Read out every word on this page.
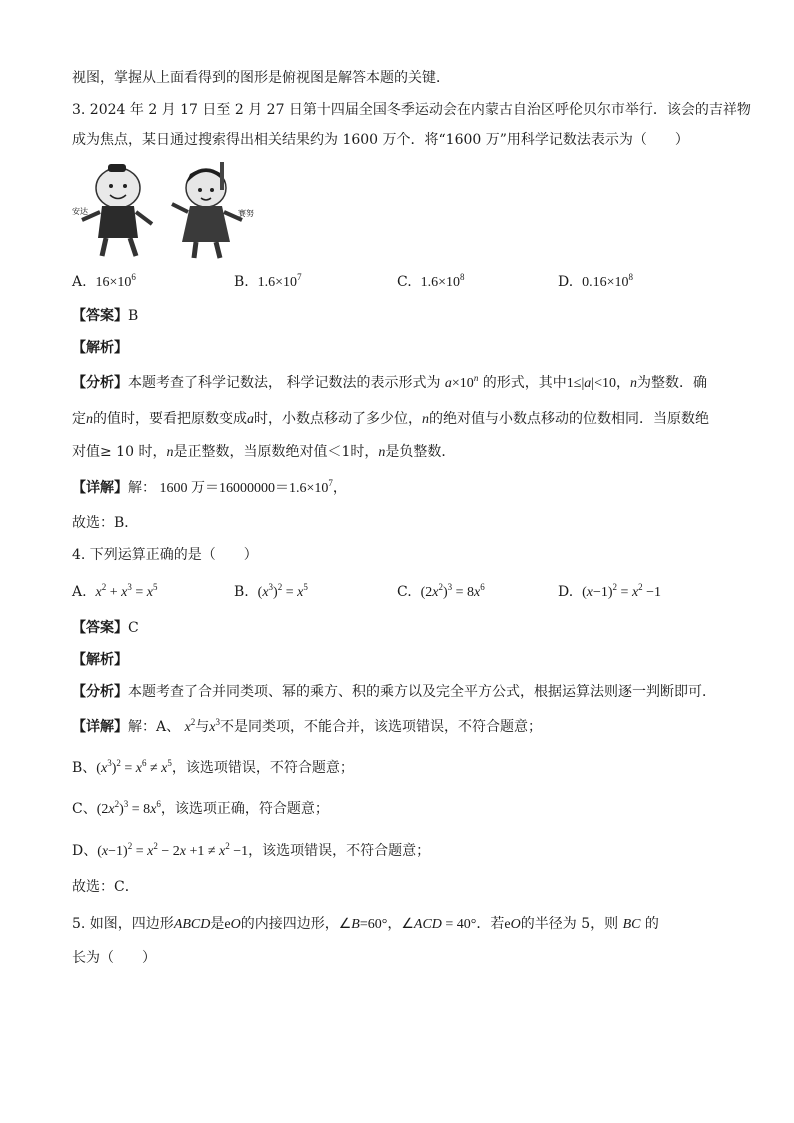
视图，掌握从上面看得到的图形是俯视图是解答本题的关键．
3. 2024 年 2 月 17 日至 2 月 27 日第十四届全国冬季运动会在内蒙古自治区呼伦贝尔市举行．该会的吉祥物
成为焦点，某日通过搜索得出相关结果约为 1600 万个．将“1600 万”用科学记数法表示为（　　）
安达	赛努
A. $16\times 10^6$	B. $1.6\times 10^7$	C. $1.6\times 10^8$	D. $0.16\times 10^8$
【答案】B
【解析】
【分析】本题考查了科学记数法， 科学记数法的表示形式为 $a\times 10^n$ 的形式，其中1≤|a|<10，n为整数．确
定n的值时，要看把原数变成a时，小数点移动了多少位，n的绝对值与小数点移动的位数相同．当原数绝
对值≥ 10 时，n是正整数，当原数绝对值＜1时，n是负整数．
【详解】解： 1600 万$=16000000=1.6\times 10^7$，
故选：B．
4. 下列运算正确的是（　　）
A.  $x^2 + x^3 = x^5$	B.  $(x^3)^2 = x^5$	C.  $(2x^2)^3 = 8x^6$	D.  $(x-1)^2 = x^2 -1$
【答案】C
【解析】
【分析】本题考查了合并同类项、幂的乘方、积的乘方以及完全平方公式，根据运算法则逐一判断即可．
【详解】解：A、 $x^2$与$x^3$不是同类项，不能合并，该选项错误，不符合题意；
B、$(x^3)^2 = x^6 \ne x^5$，该选项错误，不符合题意；
C、$(2x^2)^3 = 8x^6$，该选项正确，符合题意；
D、$(x-1)^2 = x^2 - 2x +1 \ne x^2 -1$，该选项错误，不符合题意；
故选：C．
5. 如图，四边形ABCD是eO的内接四边形，∠B=60°，∠ACD = 40°．若eO的半径为 5，则 BC 的
长为（　　）
